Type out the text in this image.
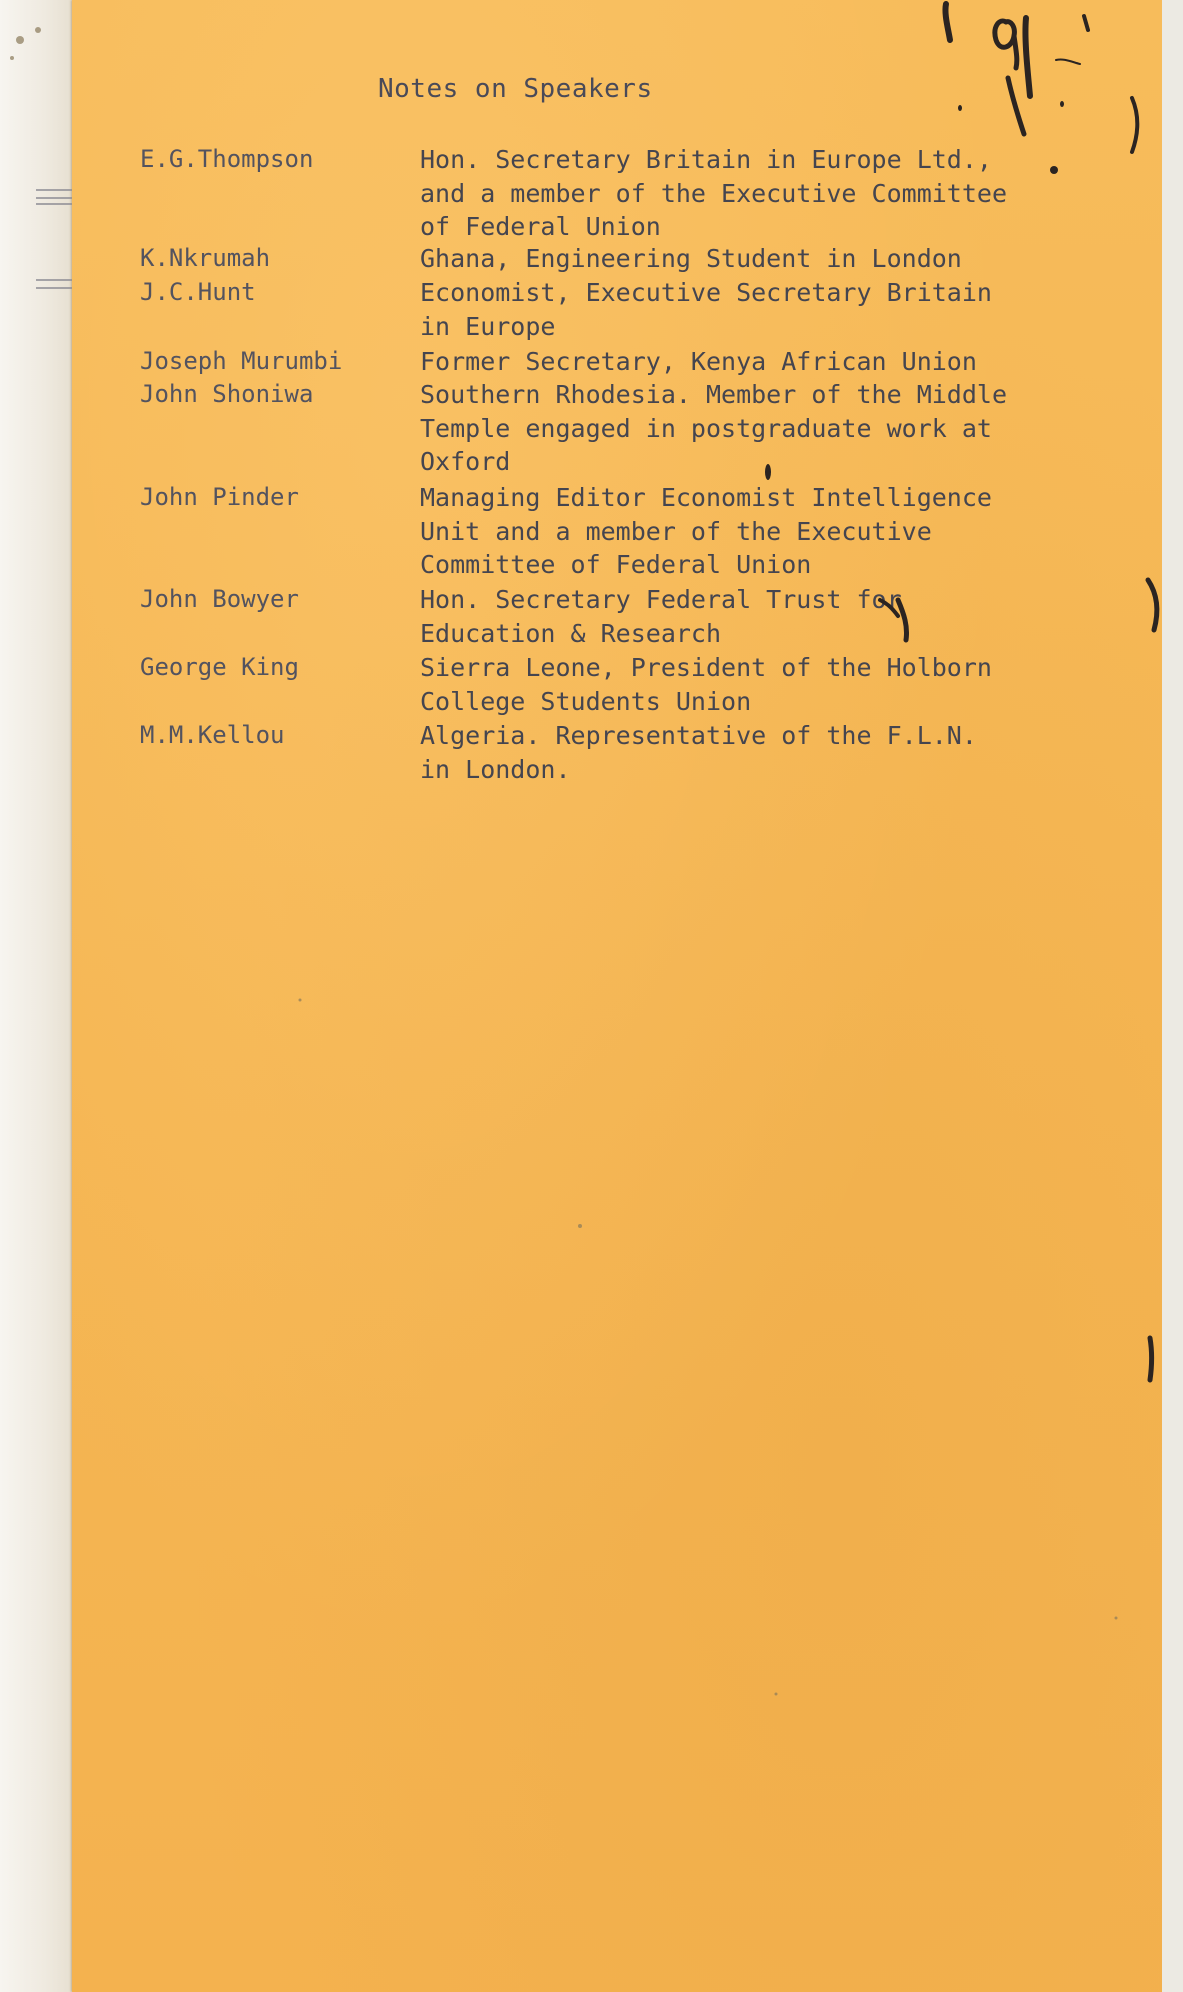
Notes on Speakers
E.G.Thompson	Hon. Secretary Britain in Europe Ltd.,
and a member of the Executive Committee
of Federal Union
K.Nkrumah	Ghana, Engineering Student in London
J.C.Hunt	Economist, Executive Secretary Britain
in Europe
Joseph Murumbi	Former Secretary, Kenya African Union
John Shoniwa	Southern Rhodesia. Member of the Middle
Temple engaged in postgraduate work at
Oxford
John Pinder	Managing Editor Economist Intelligence
Unit and a member of the Executive
Committee of Federal Union
John Bowyer	Hon. Secretary Federal Trust for
Education & Research
George King	Sierra Leone, President of the Holborn
College Students Union
M.M.Kellou	Algeria. Representative of the F.L.N.
in London.
